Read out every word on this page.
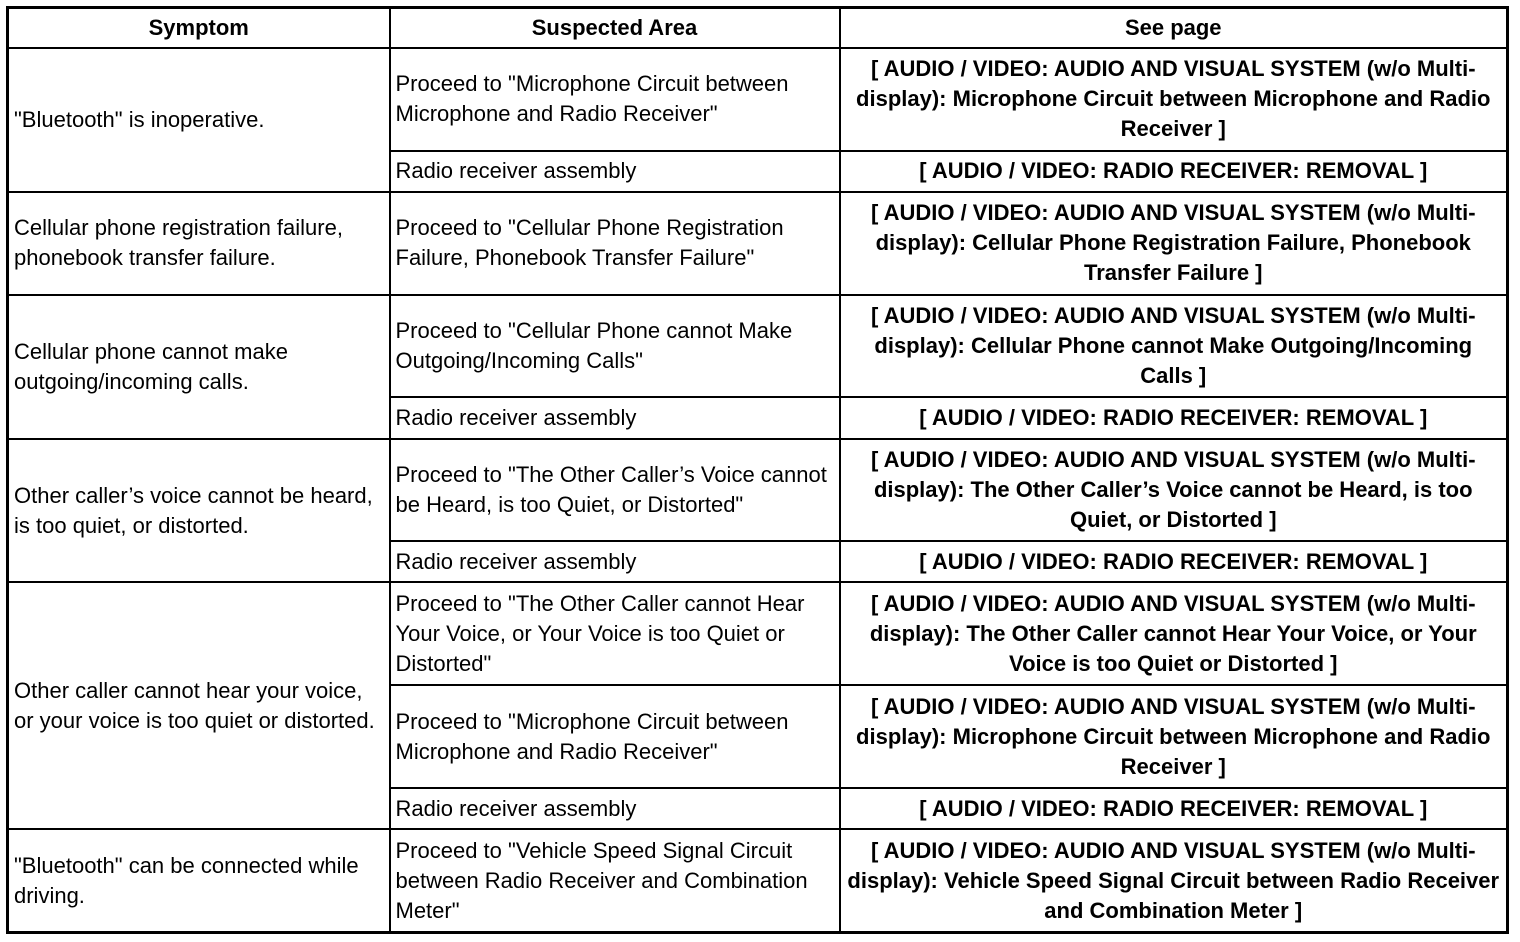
Symptom	Suspected Area	See page
"Bluetooth" is inoperative.	Proceed to "Microphone Circuit between Microphone and Radio Receiver"	[ AUDIO / VIDEO: AUDIO AND VISUAL SYSTEM (w/o Multi-display): Microphone Circuit between Microphone and Radio Receiver ]
	Radio receiver assembly	[ AUDIO / VIDEO: RADIO RECEIVER: REMOVAL ]
Cellular phone registration failure, phonebook transfer failure.	Proceed to "Cellular Phone Registration Failure, Phonebook Transfer Failure"	[ AUDIO / VIDEO: AUDIO AND VISUAL SYSTEM (w/o Multi-display): Cellular Phone Registration Failure, Phonebook Transfer Failure ]
Cellular phone cannot make outgoing/incoming calls.	Proceed to "Cellular Phone cannot Make Outgoing/Incoming Calls"	[ AUDIO / VIDEO: AUDIO AND VISUAL SYSTEM (w/o Multi-display): Cellular Phone cannot Make Outgoing/Incoming Calls ]
	Radio receiver assembly	[ AUDIO / VIDEO: RADIO RECEIVER: REMOVAL ]
Other caller’s voice cannot be heard, is too quiet, or distorted.	Proceed to "The Other Caller’s Voice cannot be Heard, is too Quiet, or Distorted"	[ AUDIO / VIDEO: AUDIO AND VISUAL SYSTEM (w/o Multi-display): The Other Caller’s Voice cannot be Heard, is too Quiet, or Distorted ]
	Radio receiver assembly	[ AUDIO / VIDEO: RADIO RECEIVER: REMOVAL ]
Other caller cannot hear your voice, or your voice is too quiet or distorted.	Proceed to "The Other Caller cannot Hear Your Voice, or Your Voice is too Quiet or Distorted"	[ AUDIO / VIDEO: AUDIO AND VISUAL SYSTEM (w/o Multi-display): The Other Caller cannot Hear Your Voice, or Your Voice is too Quiet or Distorted ]
	Proceed to "Microphone Circuit between Microphone and Radio Receiver"	[ AUDIO / VIDEO: AUDIO AND VISUAL SYSTEM (w/o Multi-display): Microphone Circuit between Microphone and Radio Receiver ]
	Radio receiver assembly	[ AUDIO / VIDEO: RADIO RECEIVER: REMOVAL ]
"Bluetooth" can be connected while driving.	Proceed to "Vehicle Speed Signal Circuit between Radio Receiver and Combination Meter"	[ AUDIO / VIDEO: AUDIO AND VISUAL SYSTEM (w/o Multi-display): Vehicle Speed Signal Circuit between Radio Receiver and Combination Meter ]
